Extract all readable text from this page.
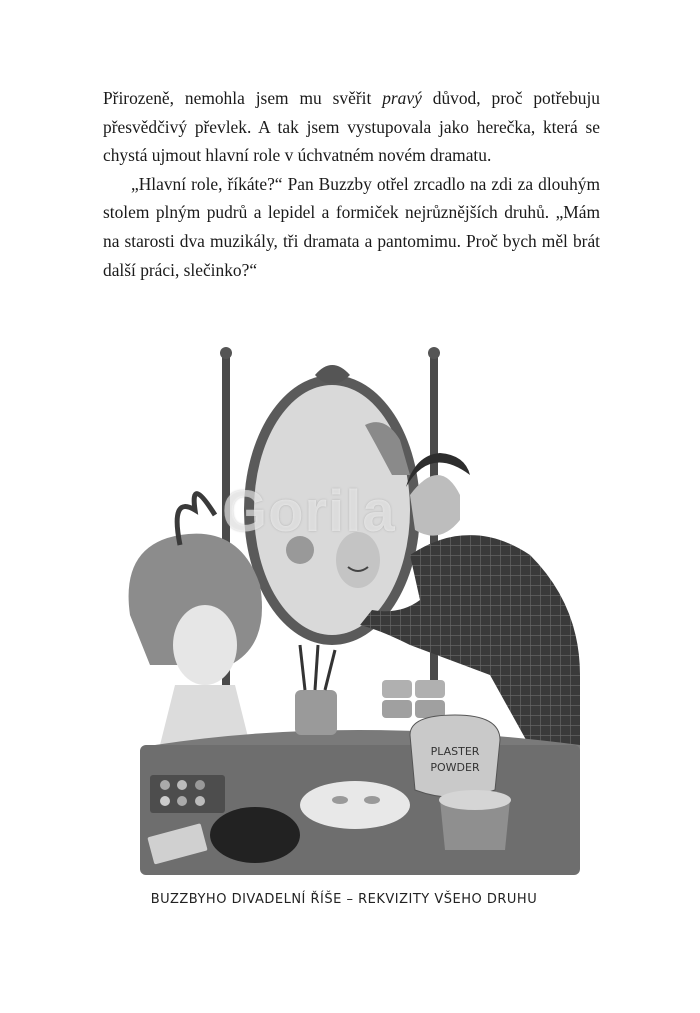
Přirozeně, nemohla jsem mu svěřit pravý důvod, proč potřebuju přesvědčivý převlek. A tak jsem vystupovala jako herečka, která se chystá ujmout hlavní role v úchvatném novém dramatu.

„Hlavní role, říkáte?“ Pan Buzzby otřel zrcadlo na zdi za dlouhým stolem plným pudrů a lepidel a formiček nejrůznějších druhů. „Mám na starosti dva muzikály, tři dramata a pantomimu. Proč bych měl brát další práci, slečinko?“

PLASTER
POWDER
Gorila
BUZZBYHO DIVADELNÍ ŘÍŠE – REKVIZITY VŠEHO DRUHU
